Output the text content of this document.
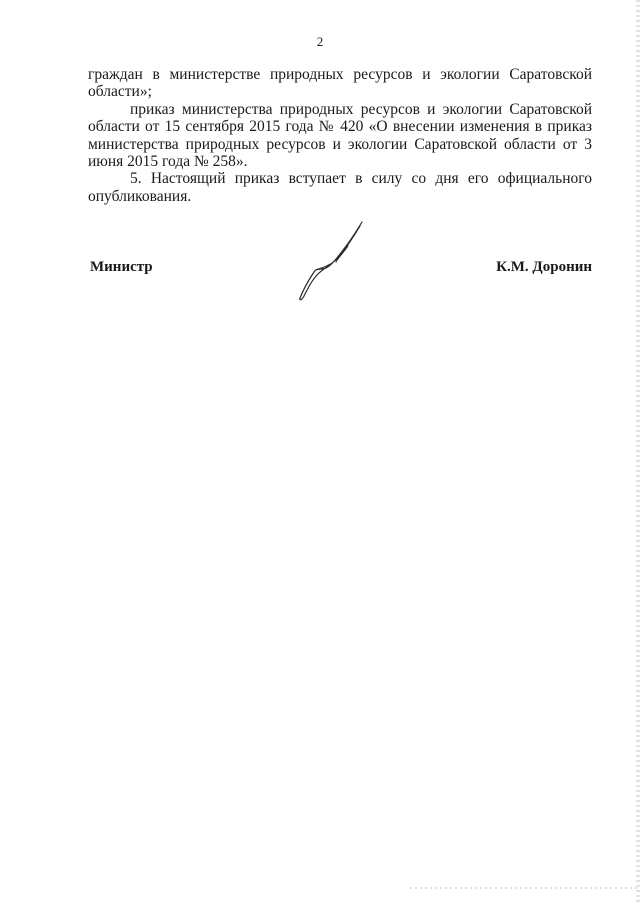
2

граждан в министерстве природных ресурсов и экологии Саратовской области»;

приказ министерства природных ресурсов и экологии Саратовской области от 15 сентября 2015 года № 420 «О внесении изменения в приказ министерства природных ресурсов и экологии Саратовской области от 3 июня 2015 года № 258».

5. Настоящий приказ вступает в силу со дня его официального опубликования.

Министр	К.М. Доронин
